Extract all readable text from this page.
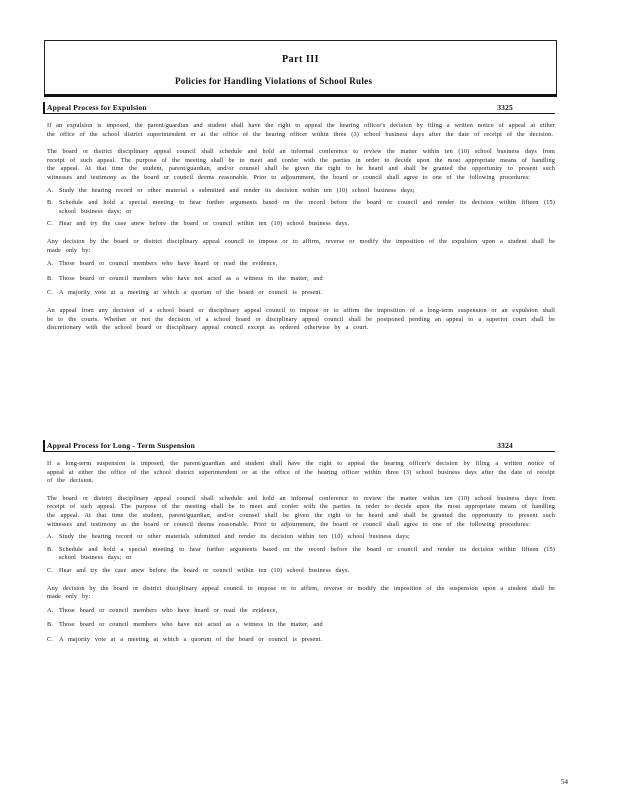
Part III
Policies for Handling Violations of School Rules
Appeal Process for Expulsion	3325

If an expulsion is imposed, the parent/guardian and student shall have the right to appeal the hearing officer's decision by filing a written notice of appeal at either the office of the school district superintendent or at the office of the hearing officer within three (3) school business days after the date of receipt of the decision.

The board or district disciplinary appeal council shall schedule and hold an informal conference to review the matter within ten (10) school business days from receipt of such appeal. The purpose of the meeting shall be to meet and confer with the parties in order to decide upon the most appropriate means of handling the appeal. At that time the student, parent/guardian, and/or counsel shall be given the right to be heard and shall be granted the opportunity to present such witnesses and testimony as the board or council deems reasonable. Prior to adjournment, the board or council shall agree to one of the following procedures:

A. Study the hearing record or other material s submitted and render its decision within ten (10) school business days;
B. Schedule and hold a special meeting to hear further arguments based on the record before the board or council and render its decision within fifteen (15) school business days; or
C. Hear and try the case anew before the board or council within ten (10) school business days.

Any decision by the board or district disciplinary appeal council to impose or to affirm, reverse or modify the imposition of the expulsion upon a student shall be made only by:

A. Those board or council members who have heard or read the evidence,
B. Those board or council members who have not acted as a witness in the matter, and
C. A majority vote at a meeting at which a quorum of the board or council is present.

An appeal from any decision of a school board or disciplinary appeal council to impose or to affirm the imposition of a long-term suspension or an expulsion shall be to the courts. Whether or not the decision of a school board or disciplinary appeal council shall be postponed pending an appeal to a superior court shall be discretionary with the school board or disciplinary appeal council except as ordered otherwise by a court.

Appeal Process for Long - Term Suspension	3324

If a long-term suspension is imposed, the parent/guardian and student shall have the right to appeal the hearing officer's decision by filing a written notice of appeal at either the office of the school district superintendent or at the office of the hearing officer within three (3) school business days after the date of receipt of the decision.

The board or district disciplinary appeal council shall schedule and hold an informal conference to review the matter within ten (10) school business days from receipt of such appeal. The purpose of the meeting shall be to meet and confer with the parties in order to decide upon the most appropriate means of handling the appeal. At that time the student, parent/guardian, and/or counsel shall be given the right to be heard and shall be granted the opportunity to present such witnesses and testimony as the board or council deems reasonable. Prior to adjournment, the board or council shall agree to one of the following procedures:

A. Study the hearing record or other materials submitted and render its decision within ten (10) school business days;
B. Schedule and hold a special meeting to hear further arguments based on the record before the board or council and render its decision within fifteen (15) school business days; or
C. Hear and try the case anew before the board or council within ten (10) school business days.

Any decision by the board or district disciplinary appeal council to impose or to affirm, reverse or modify the imposition of the suspension upon a student shall be made only by:

A. Those board or council members who have heard or read the evidence,
B. Those board or council members who have not acted as a witness in the matter, and
C. A majority vote at a meeting at which a quorum of the board or council is present.
54
